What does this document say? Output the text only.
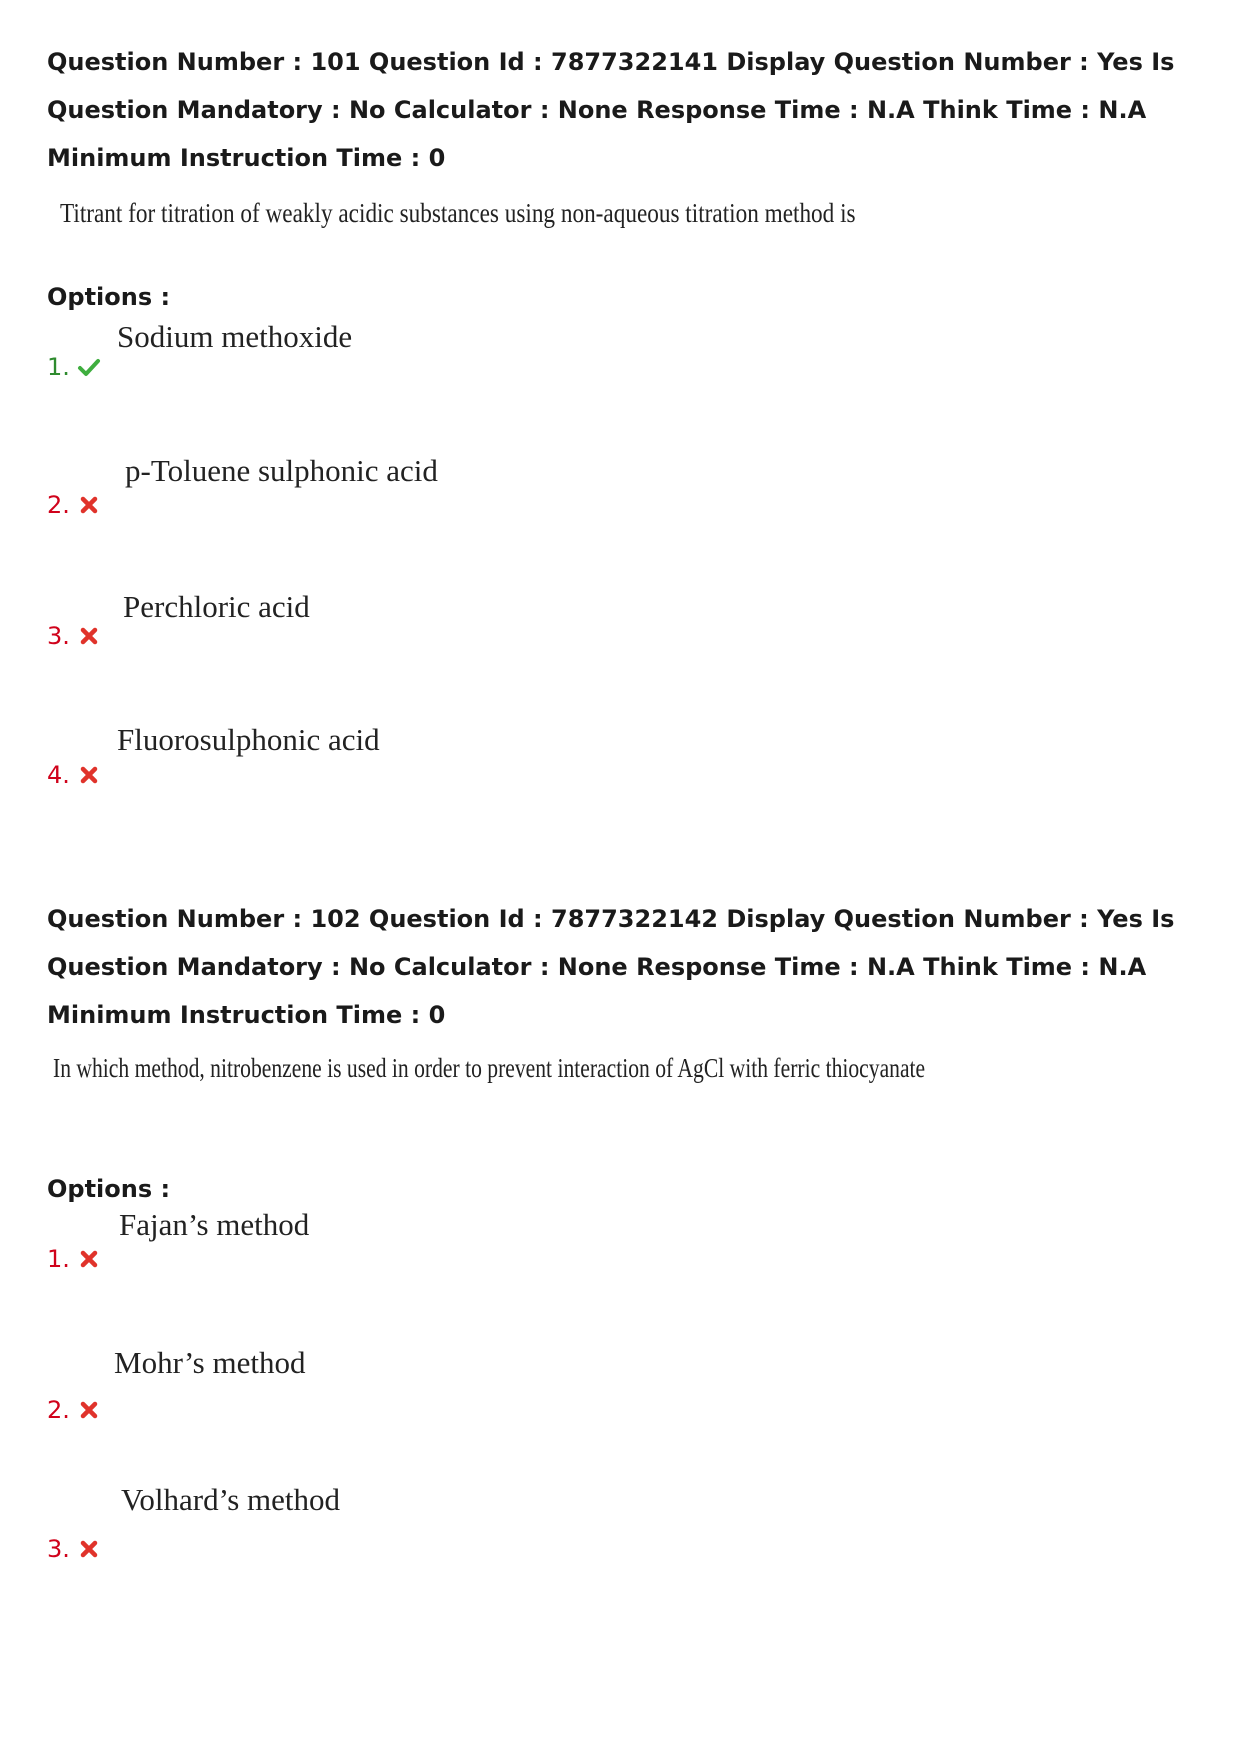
Question Number : 101 Question Id : 7877322141 Display Question Number : Yes Is Question Mandatory : No Calculator : None Response Time : N.A Think Time : N.A Minimum Instruction Time : 0

Titrant for titration of weakly acidic substances using non-aqueous titration method is
Options :
1.
Sodium methoxide
2.
p-Toluene sulphonic acid
3.
Perchloric acid
4.
Fluorosulphonic acid

Question Number : 102 Question Id : 7877322142 Display Question Number : Yes Is Question Mandatory : No Calculator : None Response Time : N.A Think Time : N.A Minimum Instruction Time : 0

In which method, nitrobenzene is used in order to prevent interaction of AgCl with ferric thiocyanate
Options :
1.
Fajan’s method
2.
Mohr’s method
3.
Volhard’s method
